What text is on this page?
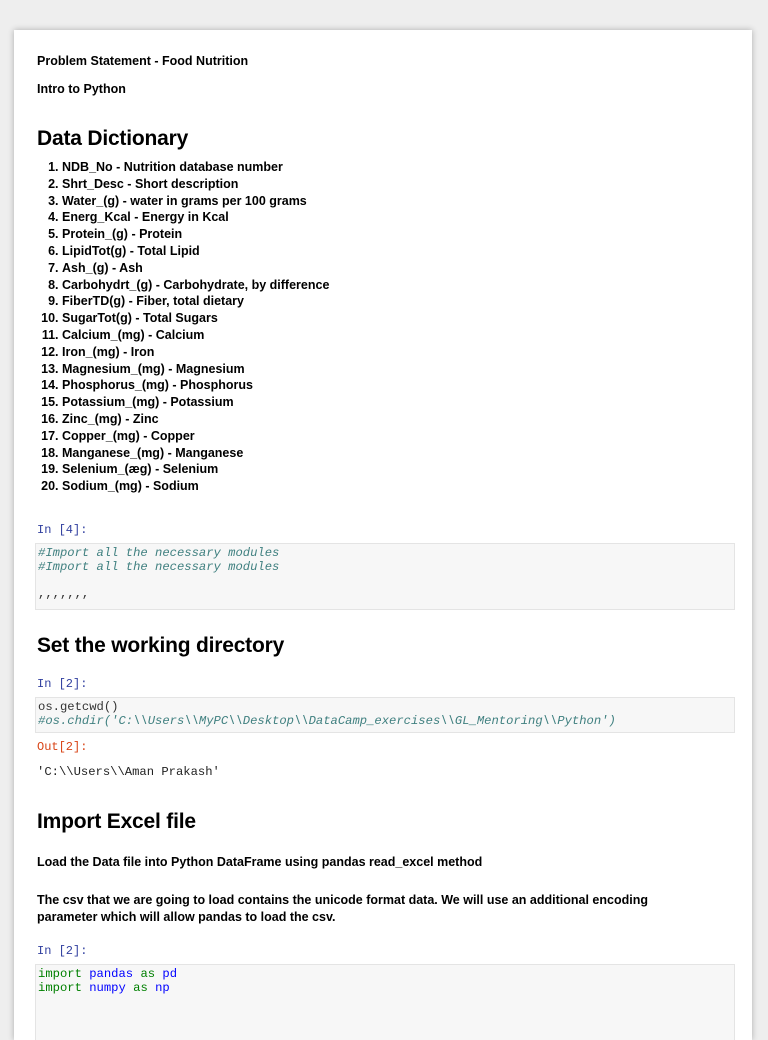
Problem Statement - Food Nutrition

Intro to Python

Data Dictionary
1. NDB_No - Nutrition database number
2. Shrt_Desc - Short description
3. Water_(g) - water in grams per 100 grams
4. Energ_Kcal - Energy in Kcal
5. Protein_(g) - Protein
6. LipidTot(g) - Total Lipid
7. Ash_(g) - Ash
8. Carbohydrt_(g) - Carbohydrate, by difference
9. FiberTD(g) - Fiber, total dietary
10. SugarTot(g) - Total Sugars
11. Calcium_(mg) - Calcium
12. Iron_(mg) - Iron
13. Magnesium_(mg) - Magnesium
14. Phosphorus_(mg) - Phosphorus
15. Potassium_(mg) - Potassium
16. Zinc_(mg) - Zinc
17. Copper_(mg) - Copper
18. Manganese_(mg) - Manganese
19. Selenium_(æg) - Selenium
20. Sodium_(mg) - Sodium

In [4]:

#Import all the necessary modules
#Import all the necessary modules

,,,,,,,
Set the working directory

In [2]:

os.getcwd()
#os.chdir('C:\\Users\\MyPC\\Desktop\\DataCamp_exercises\\GL_Mentoring\\Python')

Out[2]:

'C:\\Users\\Aman Prakash'

Import Excel file

Load the Data file into Python DataFrame using pandas read_excel method

The csv that we are going to load contains the unicode format data. We will use an additional encoding parameter which will allow pandas to load the csv.

In [2]:

import pandas as pd
import numpy as np
